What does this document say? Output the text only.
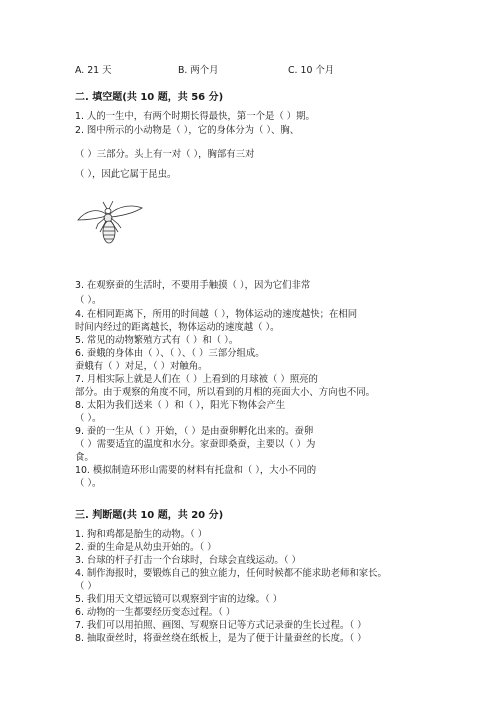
A. 21 天	B. 两个月	C. 10 个月
二. 填空题(共 10 题，共 56 分)
1. 人的一生中，有两个时期长得最快，第一个是（ ）期。
2. 图中所示的小动物是（ ），它的身体分为（ ）、胸、
（ ）三部分。头上有一对（ ），胸部有三对
（ ），因此它属于昆虫。
3. 在观察蚕的生活时，不要用手触摸（ ），因为它们非常
（ ）。
4. 在相同距离下，所用的时间越（ ），物体运动的速度越快；在相同
时间内经过的距离越长，物体运动的速度越（ ）。
5. 常见的动物繁殖方式有（ ）和（ ）。
6. 蚕蛾的身体由（ ）、（ ）、（ ）三部分组成。
蚕蛾有（ ）对足，（ ）对触角。
7. 月相实际上就是人们在（ ）上看到的月球被（ ）照亮的
部分。由于观察的角度不同，所以看到的月相的亮面大小、方向也不同。
8. 太阳为我们送来（ ）和（ ），阳光下物体会产生
（ ）。
9. 蚕的一生从（ ）开始，（ ）是由蚕卵孵化出来的。蚕卵
（ ）需要适宜的温度和水分。家蚕即桑蚕，主要以（ ）为
食。
10. 模拟制造环形山需要的材料有托盘和（ ），大小不同的
（ ）。
三. 判断题(共 10 题，共 20 分)
1. 狗和鸡都是胎生的动物。（ ）
2. 蚕的生命是从幼虫开始的。（ ）
3. 台球的杆子打击一个台球时，台球会直线运动。（ ）
4. 制作海报时，要锻炼自己的独立能力，任何时候都不能求助老师和家长。
（ ）
5. 我们用天文望远镜可以观察到宇宙的边缘。（ ）
6. 动物的一生都要经历变态过程。（ ）
7. 我们可以用拍照、画图、写观察日记等方式记录蚕的生长过程。（ ）
8. 抽取蚕丝时，将蚕丝绕在纸板上，是为了便于计量蚕丝的长度。（ ）
